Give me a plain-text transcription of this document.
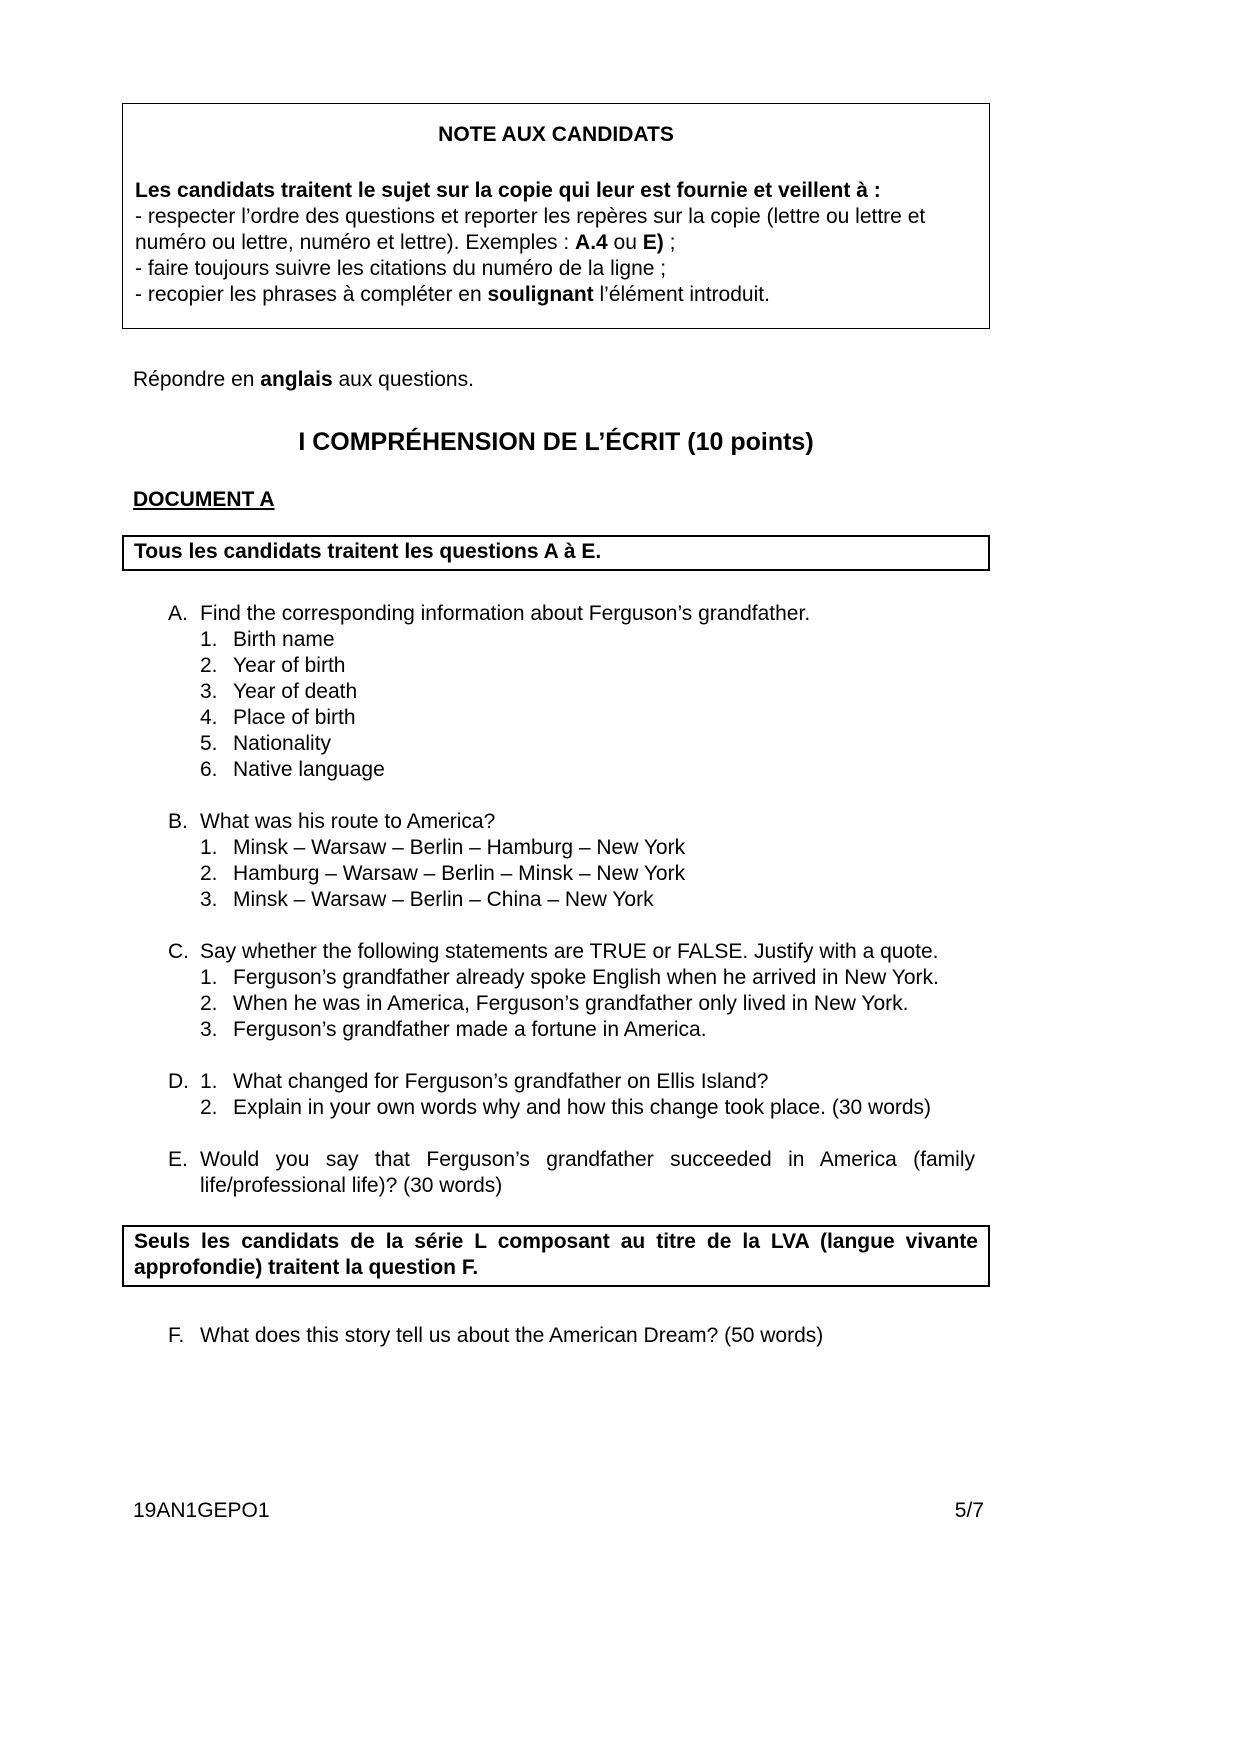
NOTE AUX CANDIDATS

Les candidats traitent le sujet sur la copie qui leur est fournie et veillent à :

- respecter l’ordre des questions et reporter les repères sur la copie (lettre ou lettre et numéro ou lettre, numéro et lettre). Exemples : A.4 ou E) ;

- faire toujours suivre les citations du numéro de la ligne ;

- recopier les phrases à compléter en soulignant l’élément introduit.

Répondre en anglais aux questions.

I COMPRÉHENSION DE L’ÉCRIT (10 points)
DOCUMENT A
Tous les candidats traitent les questions A à E.
A. Find the corresponding information about Ferguson’s grandfather.
1. Birth name
2. Year of birth
3. Year of death
4. Place of birth
5. Nationality
6. Native language
B. What was his route to America?
1. Minsk – Warsaw – Berlin – Hamburg – New York
2. Hamburg – Warsaw – Berlin – Minsk – New York
3. Minsk – Warsaw – Berlin – China – New York
C. Say whether the following statements are TRUE or FALSE. Justify with a quote.
1. Ferguson’s grandfather already spoke English when he arrived in New York.
2. When he was in America, Ferguson’s grandfather only lived in New York.
3. Ferguson’s grandfather made a fortune in America.
D. 1. What changed for Ferguson’s grandfather on Ellis Island?
2. Explain in your own words why and how this change took place. (30 words)
E. Would you say that Ferguson’s grandfather succeeded in America (family life/professional life)? (30 words)
Seuls les candidats de la série L composant au titre de la LVA (langue vivante approfondie) traitent la question F.
F. What does this story tell us about the American Dream? (50 words)
19AN1GEPO1	5/7
